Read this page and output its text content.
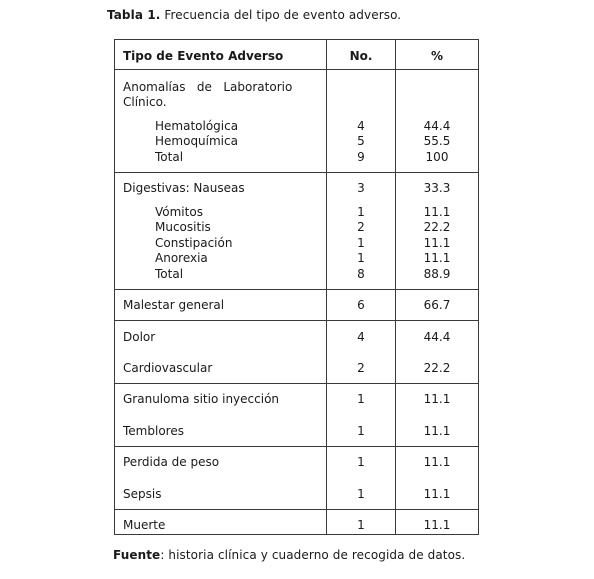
Tabla 1. Frecuencia del tipo de evento adverso.
Tipo de Evento Adverso	No.	%
Anomalías   de   Laboratorio
Clínico.
Hematológica	4	44.4
Hemoquímica	5	55.5
Total	9	100
Digestivas: Nauseas	3	33.3
Vómitos	1	11.1
Mucositis	2	22.2
Constipación	1	11.1
Anorexia	1	11.1
Total	8	88.9
Malestar general	6	66.7
Dolor	4	44.4
Cardiovascular	2	22.2
Granuloma sitio inyección	1	11.1
Temblores	1	11.1
Perdida de peso	1	11.1
Sepsis	1	11.1
Muerte	1	11.1
Fuente: historia clínica y cuaderno de recogida de datos.
